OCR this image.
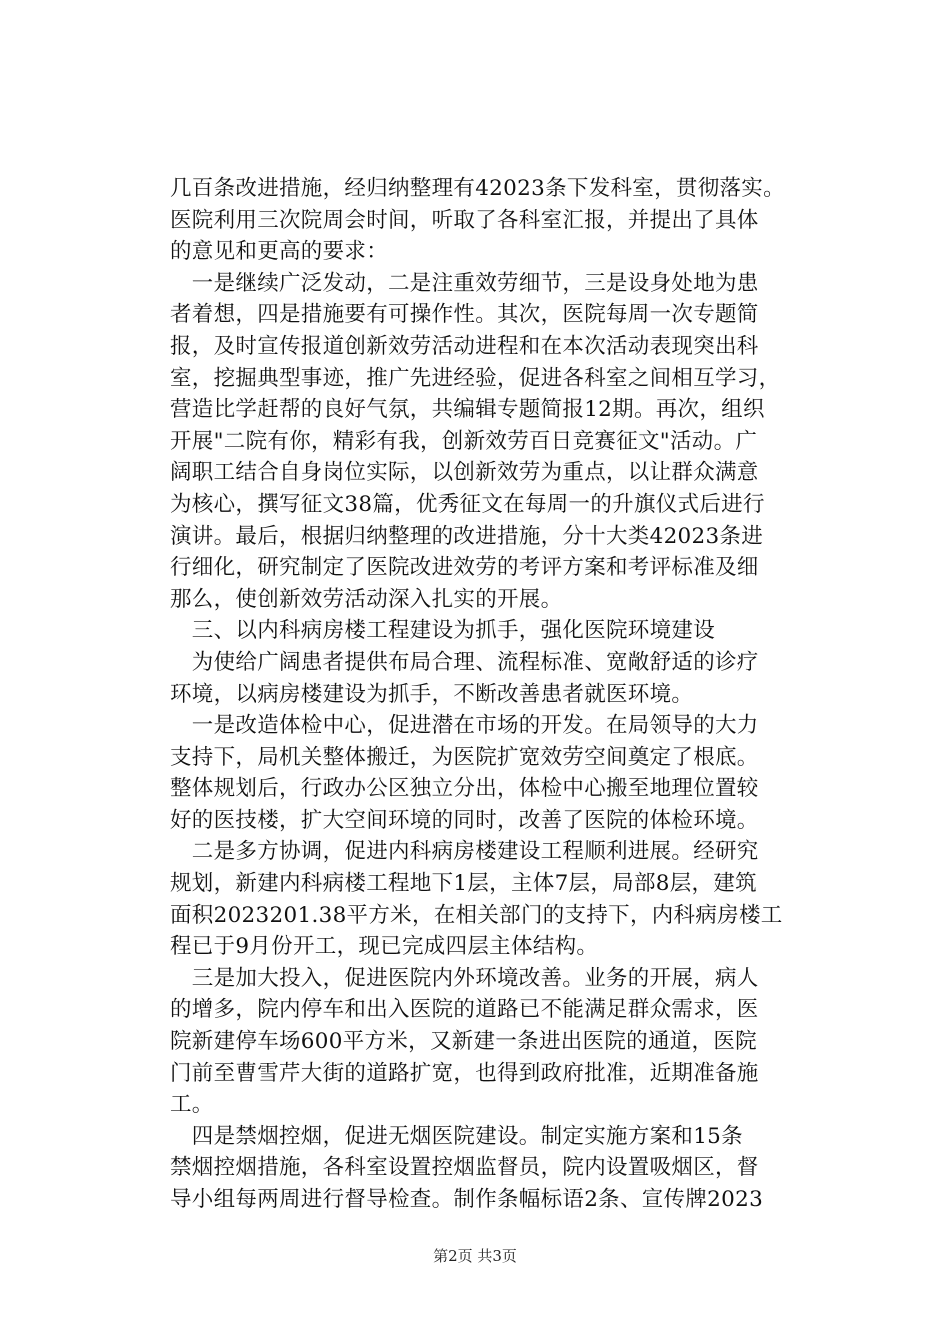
几百条改进措施，经归纳整理有42023条下发科室，贯彻落实。
医院利用三次院周会时间，听取了各科室汇报，并提出了具体
的意见和更高的要求：
　一是继续广泛发动，二是注重效劳细节，三是设身处地为患
者着想，四是措施要有可操作性。其次，医院每周一次专题简
报，及时宣传报道创新效劳活动进程和在本次活动表现突出科
室，挖掘典型事迹，推广先进经验，促进各科室之间相互学习，
营造比学赶帮的良好气氛，共编辑专题简报12期。再次，组织
开展"二院有你，精彩有我，创新效劳百日竞赛征文"活动。广
阔职工结合自身岗位实际，以创新效劳为重点，以让群众满意
为核心，撰写征文38篇，优秀征文在每周一的升旗仪式后进行
演讲。最后，根据归纳整理的改进措施，分十大类42023条进
行细化，研究制定了医院改进效劳的考评方案和考评标准及细
那么，使创新效劳活动深入扎实的开展。
　三、以内科病房楼工程建设为抓手，强化医院环境建设
　为使给广阔患者提供布局合理、流程标准、宽敞舒适的诊疗
环境，以病房楼建设为抓手，不断改善患者就医环境。
　一是改造体检中心，促进潜在市场的开发。在局领导的大力
支持下，局机关整体搬迁，为医院扩宽效劳空间奠定了根底。
整体规划后，行政办公区独立分出，体检中心搬至地理位置较
好的医技楼，扩大空间环境的同时，改善了医院的体检环境。
　二是多方协调，促进内科病房楼建设工程顺利进展。经研究
规划，新建内科病楼工程地下1层，主体7层，局部8层，建筑
面积2023201.38平方米，在相关部门的支持下，内科病房楼工
程已于9月份开工，现已完成四层主体结构。
　三是加大投入，促进医院内外环境改善。业务的开展，病人
的增多，院内停车和出入医院的道路已不能满足群众需求，医
院新建停车场600平方米，又新建一条进出医院的通道，医院
门前至曹雪芹大街的道路扩宽，也得到政府批准，近期准备施
工。
　四是禁烟控烟，促进无烟医院建设。制定实施方案和15条
禁烟控烟措施，各科室设置控烟监督员，院内设置吸烟区，督
导小组每两周进行督导检查。制作条幅标语2条、宣传牌2023
第2页 共3页
